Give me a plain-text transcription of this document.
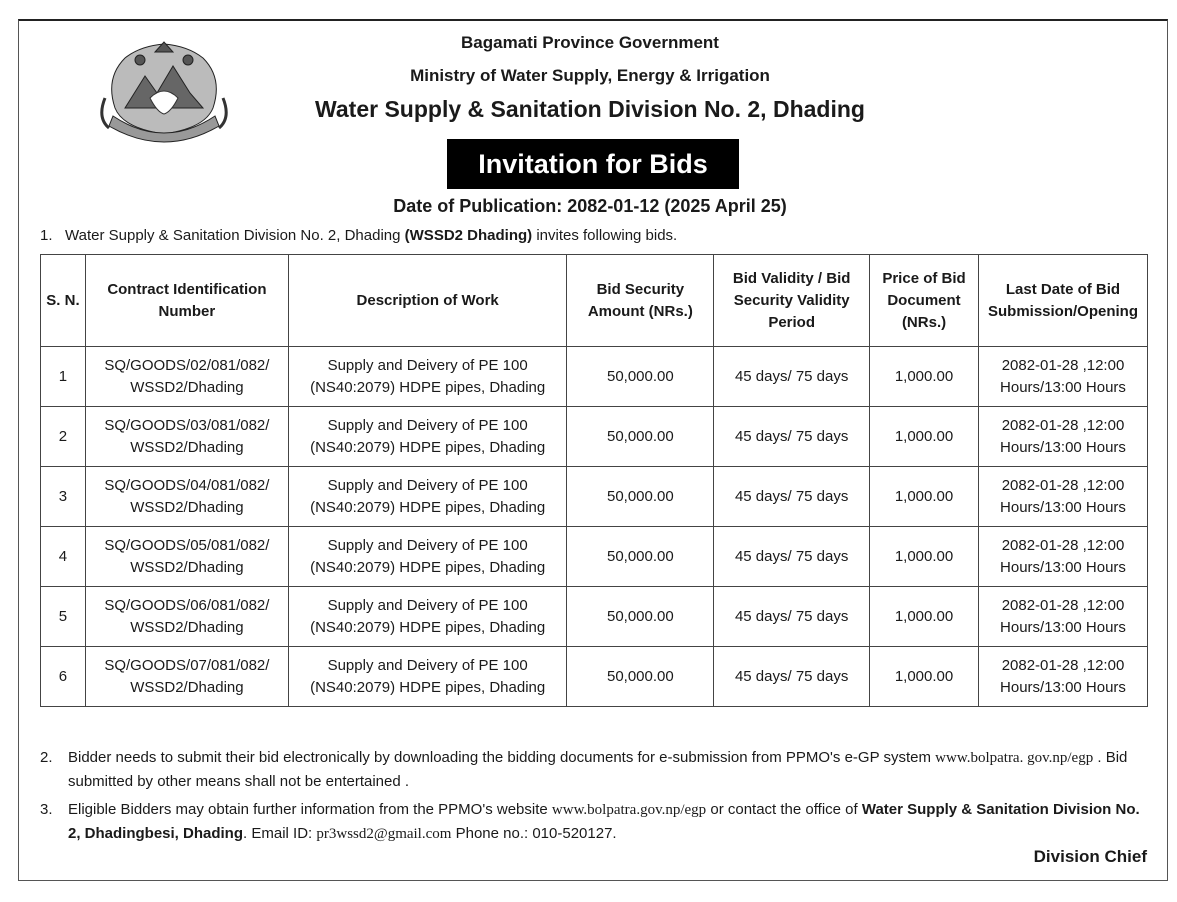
Bagamati Province Government
Ministry of Water Supply, Energy & Irrigation
Water Supply & Sanitation Division No. 2, Dhading
Invitation for Bids
Date of Publication: 2082-01-12 (2025 April 25)
1. Water Supply & Sanitation Division No. 2, Dhading (WSSD2 Dhading) invites following bids.
S. N.	Contract Identification Number	Description of Work	Bid Security Amount (NRs.)	Bid Validity / Bid Security Validity Period	Price of Bid Document (NRs.)	Last Date of Bid Submission/Opening
1	SQ/GOODS/02/081/082/ WSSD2/Dhading	Supply and Deivery of PE 100 (NS40:2079) HDPE pipes, Dhading	50,000.00	45 days/ 75 days	1,000.00	2082-01-28 ,12:00 Hours/13:00 Hours
2	SQ/GOODS/03/081/082/ WSSD2/Dhading	Supply and Deivery of PE 100 (NS40:2079) HDPE pipes, Dhading	50,000.00	45 days/ 75 days	1,000.00	2082-01-28 ,12:00 Hours/13:00 Hours
3	SQ/GOODS/04/081/082/ WSSD2/Dhading	Supply and Deivery of PE 100 (NS40:2079) HDPE pipes, Dhading	50,000.00	45 days/ 75 days	1,000.00	2082-01-28 ,12:00 Hours/13:00 Hours
4	SQ/GOODS/05/081/082/ WSSD2/Dhading	Supply and Deivery of PE 100 (NS40:2079) HDPE pipes, Dhading	50,000.00	45 days/ 75 days	1,000.00	2082-01-28 ,12:00 Hours/13:00 Hours
5	SQ/GOODS/06/081/082/ WSSD2/Dhading	Supply and Deivery of PE 100 (NS40:2079) HDPE pipes, Dhading	50,000.00	45 days/ 75 days	1,000.00	2082-01-28 ,12:00 Hours/13:00 Hours
6	SQ/GOODS/07/081/082/ WSSD2/Dhading	Supply and Deivery of PE 100 (NS40:2079) HDPE pipes, Dhading	50,000.00	45 days/ 75 days	1,000.00	2082-01-28 ,12:00 Hours/13:00 Hours
2. Bidder needs to submit their bid electronically by downloading the bidding documents for e-submission from PPMO's e-GP system www.bolpatra. gov.np/egp . Bid submitted by other means shall not be entertained .
3. Eligible Bidders may obtain further information from the PPMO's website www.bolpatra.gov.np/egp or contact the office of Water Supply & Sanitation Division No. 2, Dhadingbesi, Dhading. Email ID: pr3wssd2@gmail.com Phone no.: 010-520127.
Division Chief
